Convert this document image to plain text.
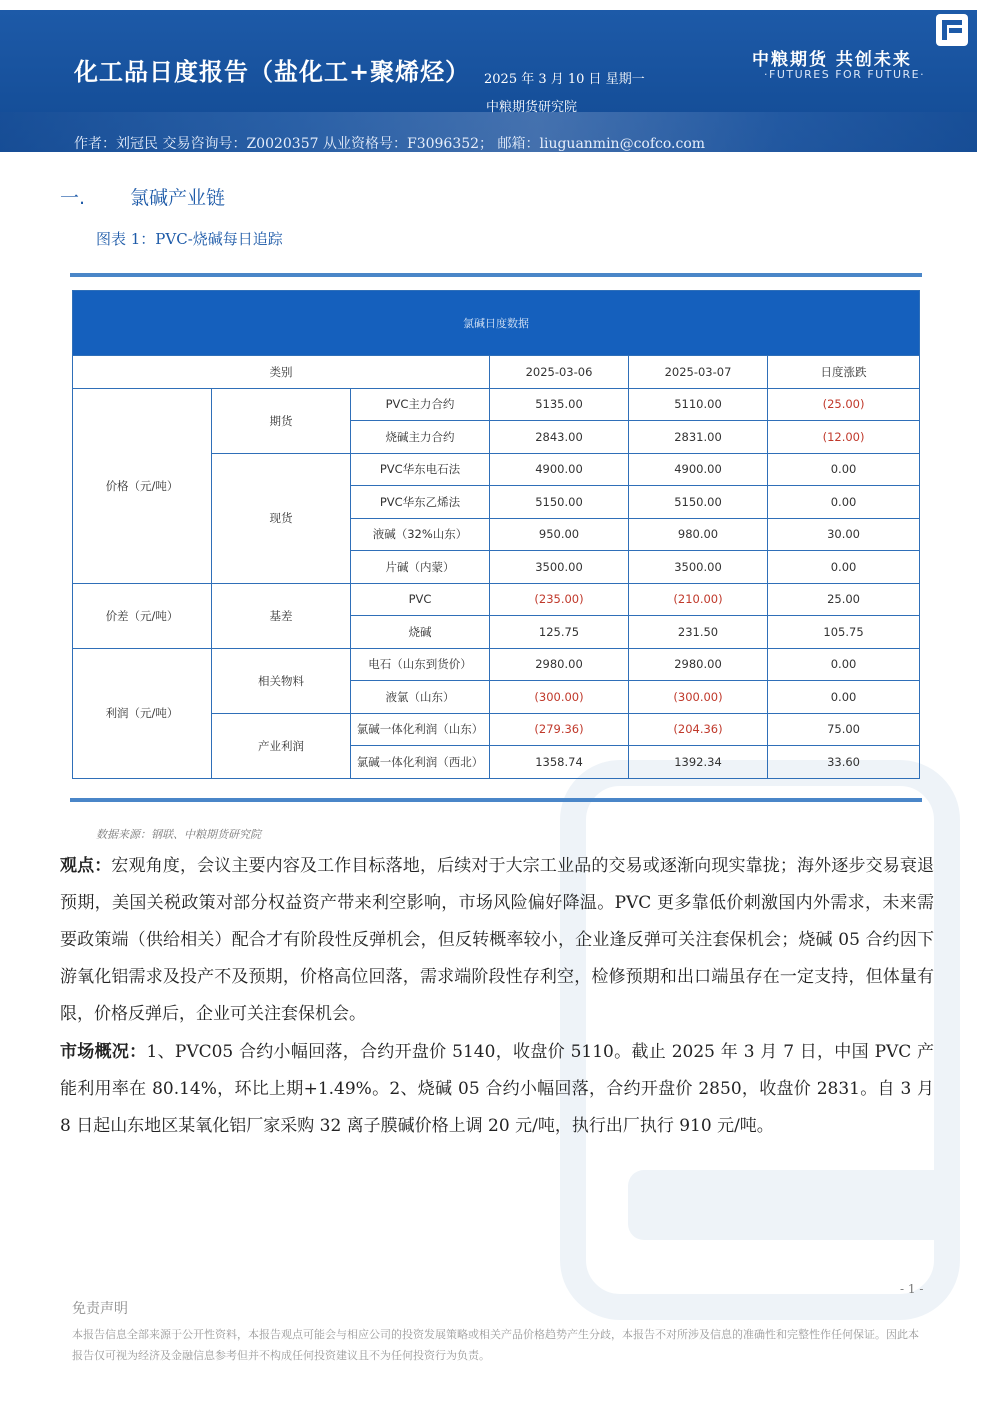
化工品日度报告（盐化工+聚烯烃） 2025 年 3 月 10 日 星期一
中粮期货研究院
作者：刘冠民 交易咨询号：Z0020357 从业资格号：F3096352； 邮箱：liuguanmin@cofco.com
中粮期货 共创未来
·FUTURES FOR FUTURE·
一. 氯碱产业链
图表 1：PVC-烧碱每日追踪
氯碱日度数据					
类别			2025-03-06	2025-03-07	日度涨跌
价格（元/吨）	期货	PVC主力合约	5135.00	5110.00	(25.00)
		烧碱主力合约	2843.00	2831.00	(12.00)
	现货	PVC华东电石法	4900.00	4900.00	0.00
		PVC华东乙烯法	5150.00	5150.00	0.00
		液碱（32%山东）	950.00	980.00	30.00
		片碱（内蒙）	3500.00	3500.00	0.00
价差（元/吨）	基差	PVC	(235.00)	(210.00)	25.00
		烧碱	125.75	231.50	105.75
利润（元/吨）	相关物料	电石（山东到货价）	2980.00	2980.00	0.00
		液氯（山东）	(300.00)	(300.00)	0.00
	产业利润	氯碱一体化利润（山东）	(279.36)	(204.36)	75.00
		氯碱一体化利润（西北）	1358.74	1392.34	33.60
数据来源：钢联、中粮期货研究院
观点：宏观角度，会议主要内容及工作目标落地，后续对于大宗工业品的交易或逐渐向现实靠拢；海外逐步交易衰退预期，美国关税政策对部分权益资产带来利空影响，市场风险偏好降温。PVC 更多靠低价刺激国内外需求，未来需要政策端（供给相关）配合才有阶段性反弹机会，但反转概率较小，企业逢反弹可关注套保机会；烧碱 05 合约因下游氧化铝需求及投产不及预期，价格高位回落，需求端阶段性存利空，检修预期和出口端虽存在一定支持，但体量有限，价格反弹后，企业可关注套保机会。
市场概况：1、PVC05 合约小幅回落，合约开盘价 5140，收盘价 5110。截止 2025 年 3 月 7 日，中国 PVC 产能利用率在 80.14%，环比上期+1.49%。2、烧碱 05 合约小幅回落，合约开盘价 2850，收盘价 2831。自 3 月 8 日起山东地区某氧化铝厂家采购 32 离子膜碱价格上调 20 元/吨，执行出厂执行 910 元/吨。
- 1 -
免责声明
本报告信息全部来源于公开性资料，本报告观点可能会与相应公司的投资发展策略或相关产品价格趋势产生分歧，本报告不对所涉及信息的准确性和完整性作任何保证。因此本报告仅可视为经济及金融信息参考但并不构成任何投资建议且不为任何投资行为负责。
